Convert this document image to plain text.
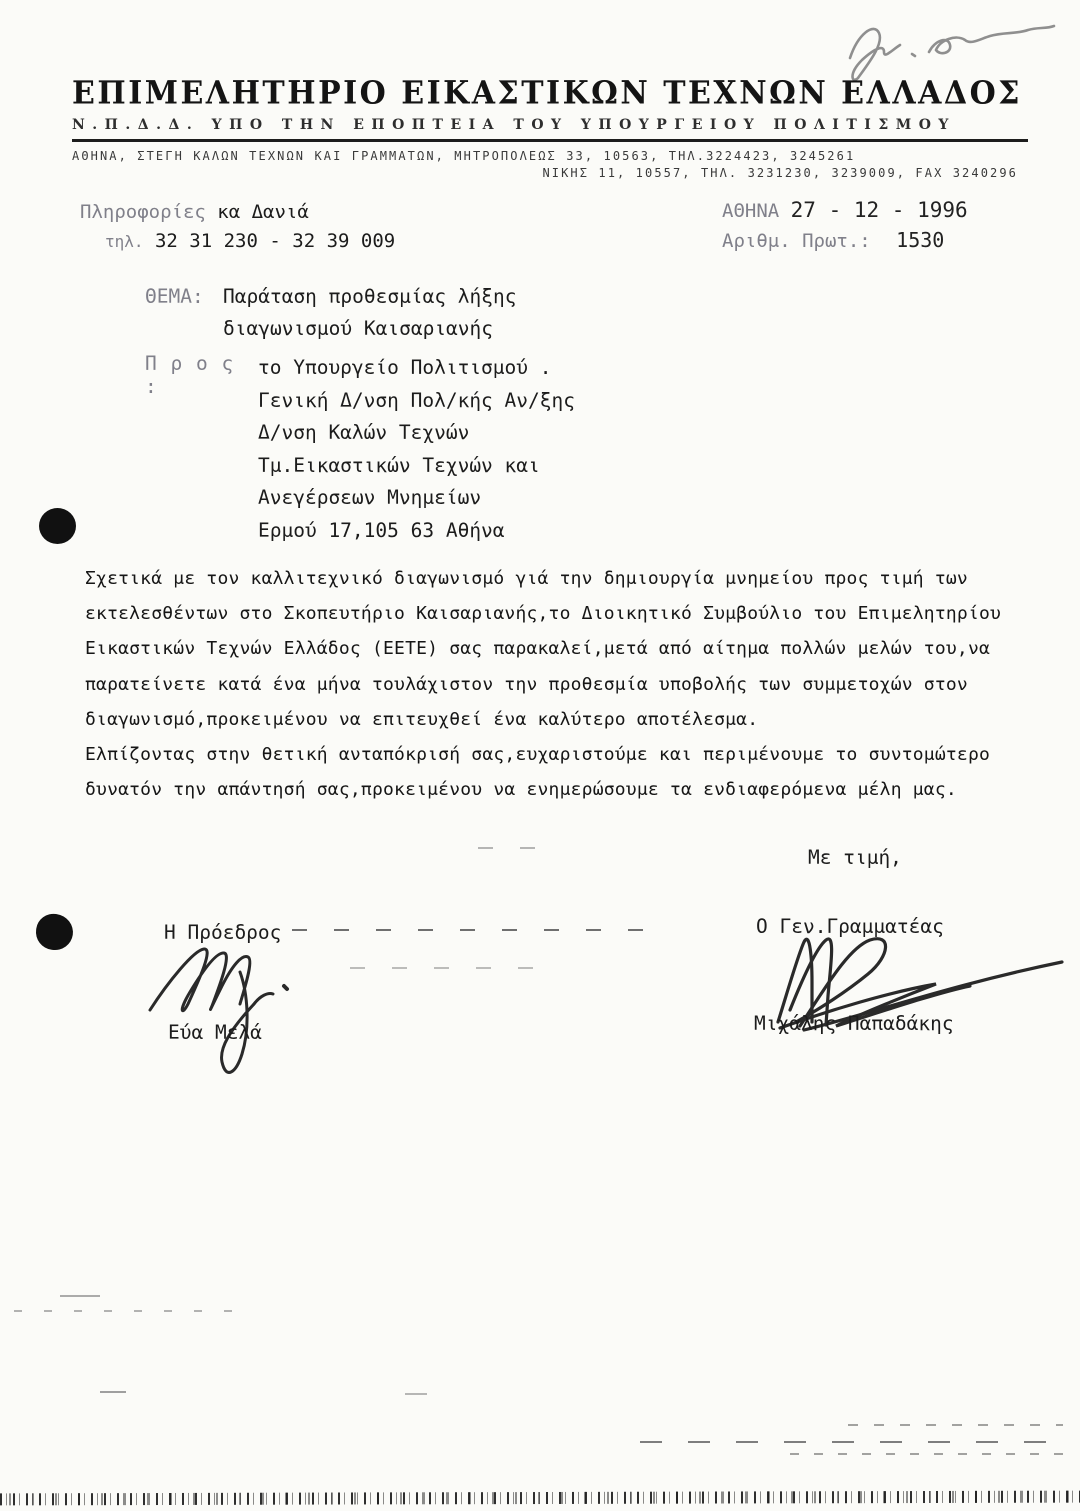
ΕΠΙΜΕΛΗΤΗΡΙΟ ΕΙΚΑΣΤΙΚΩΝ ΤΕΧΝΩΝ ΕΛΛΑΔΟΣ
Ν.Π.Δ.Δ. ΥΠΟ ΤΗΝ ΕΠΟΠΤΕΙΑ ΤΟΥ ΥΠΟΥΡΓΕΙΟΥ ΠΟΛΙΤΙΣΜΟΥ
ΑΘΗΝΑ, ΣΤΕΓΗ ΚΑΛΩΝ ΤΕΧΝΩΝ ΚΑΙ ΓΡΑΜΜΑΤΩΝ, ΜΗΤΡΟΠΟΛΕΩΣ 33, 10563, ΤΗΛ.3224423, 3245261
ΝΙΚΗΣ 11, 10557, ΤΗΛ. 3231230, 3239009, FAX 3240296
Πληροφορίες κα Δανιά
τηλ. 32 31 230 - 32 39 009
ΑΘΗΝΑ 27 - 12 - 1996
Αριθμ. Πρωτ.: 1530
ΘΕΜΑ: Παράταση προθεσμίας λήξης
διαγωνισμού Καισαριανής
Π ρ ο ς :
το Υπουργείο Πολιτισμού .
Γενική Δ/νση Πολ/κής Αν/ξης
Δ/νση Καλών Τεχνών
Τμ.Εικαστικών Τεχνών και
Ανεγέρσεων Μνημείων
Ερμού 17,105 63 Αθήνα
Σχετικά με τον καλλιτεχνικό διαγωνισμό γιά την δημιουργία μνημείου προς τιμή των
εκτελεσθέντων στο Σκοπευτήριο Καισαριανής,το Διοικητικό Συμβούλιο του Επιμελητηρίου
Εικαστικών Τεχνών Ελλάδος (ΕΕΤΕ) σας παρακαλεί,μετά από αίτημα πολλών μελών του,να
παρατείνετε κατά ένα μήνα τουλάχιστον την προθεσμία υποβολής των συμμετοχών στον
διαγωνισμό,προκειμένου να επιτευχθεί ένα καλύτερο αποτέλεσμα.
Ελπίζοντας στην θετική ανταπόκρισή σας,ευχαριστούμε και περιμένουμε το συντομώτερο
δυνατόν την απάντησή σας,προκειμένου να ενημερώσουμε τα ενδιαφερόμενα μέλη μας.
Με τιμή,
Η Πρόεδρος
Εύα Μελά
Ο Γεν.Γραμματέας
Μιχάλης Παπαδάκης
